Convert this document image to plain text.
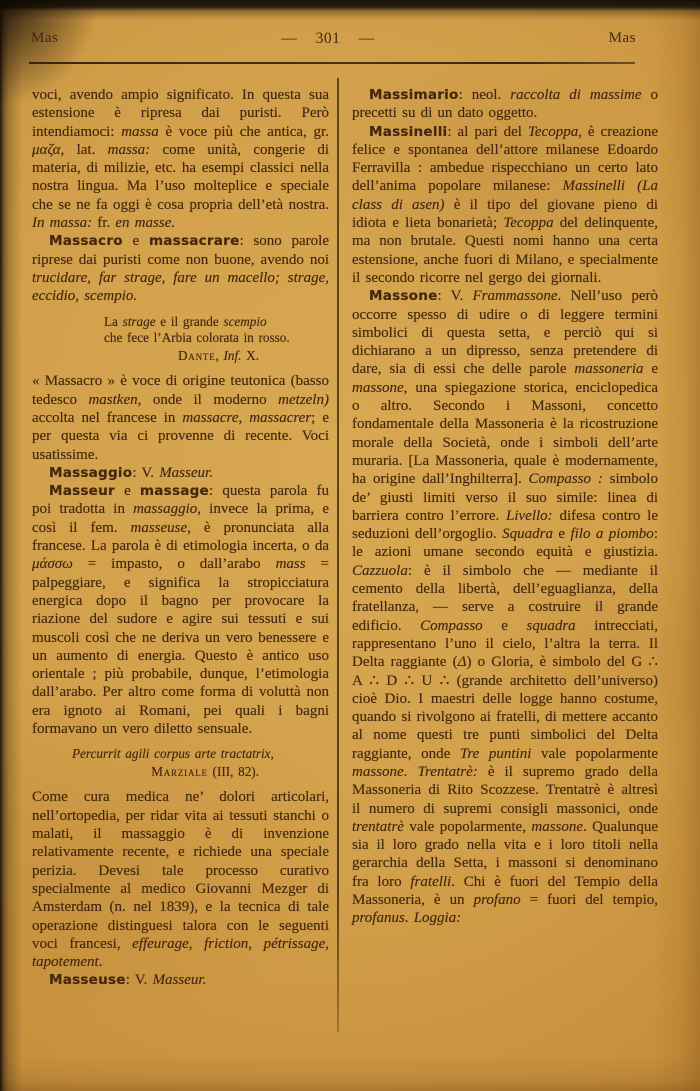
Mas	— 301 —	Mas

voci, avendo ampio significato. In questa sua estensione è ripresa dai puristi. Però intendiamoci: massa è voce più che antica, gr. μαζα, lat. massa: come unità, congerie di materia, di milizie, etc. ha esempi classici nella nostra lingua. Ma l’uso molteplice e speciale che se ne fa oggi è cosa propria dell’età nostra. In massa: fr. en masse.

Massacro e massacrare: sono parole riprese dai puristi come non buone, avendo noi trucidare, far strage, fare un macello; strage, eccidio, scempio.

La strage e il grande scempio

che fece l’Arbia colorata in rosso.

Dante, Inf. X.

« Massacro » è voce di origine teutonica (basso tedesco mastken, onde il moderno metzeln) accolta nel francese in massacre, massacrer; e per questa via ci provenne di recente. Voci usatissime.

Massaggio: V. Masseur.

Masseur e massage: questa parola fu poi tradotta in massaggio, invece la prima, e così il fem. masseuse, è pronunciata alla francese. La parola è di etimologia incerta, o da μάσσω = impasto, o dall’arabo mass = palpeggiare, e significa la stropicciatura energica dopo il bagno per provocare la riazione del sudore e agire sui tessuti e sui muscoli così che ne deriva un vero benessere e un aumento di energia. Questo è antico uso orientale ; più probabile, dunque, l’etimologia dall’arabo. Per altro come forma di voluttà non era ignoto ai Romani, pei quali i bagni formavano un vero diletto sensuale.

Percurrit agili corpus arte tractatrix,

Marziale (III, 82).

Come cura medica ne’ dolori articolari, nell’ortopedia, per ridar vita ai tessuti stanchi o malati, il massaggio è di invenzione relativamente recente, e richiede una speciale perizia. Devesi tale processo curativo specialmente al medico Giovanni Mezger di Amsterdam (n. nel 1839), e la tecnica di tale operazione distinguesi talora con le seguenti voci francesi, effeurage, friction, pétrissage, tapotement.

Masseuse: V. Masseur.

Massimario: neol. raccolta di massime o precetti su di un dato oggetto.

Massinelli: al pari del Tecoppa, è creazione felice e spontanea dell’attore milanese Edoardo Ferravilla : ambedue rispecchiano un certo lato dell’anima popolare milanese: Massinelli (La class di asen) è il tipo del giovane pieno di idiota e lieta bonarietà; Tecoppa del delinquente, ma non brutale. Questi nomi hanno una certa estensione, anche fuori di Milano, e specialmente il secondo ricorre nel gergo dei giornali.

Massone: V. Frammassone. Nell’uso però occorre spesso di udire o di leggere termini simbolici di questa setta, e perciò qui si dichiarano a un dipresso, senza pretendere di dare, sia di essi che delle parole massoneria e massone, una spiegazione storica, enciclopedica o altro. Secondo i Massoni, concetto fondamentale della Massoneria è la ricostruzione morale della Società, onde i simboli dell’arte muraria. [La Massoneria, quale è modernamente, ha origine dall’Inghilterra]. Compasso : simbolo de’ giusti limiti verso il suo simile: linea di barriera contro l’errore. Livello: difesa contro le seduzioni dell’orgoglio. Squadra e filo a piombo: le azioni umane secondo equità e giustizia. Cazzuola: è il simbolo che — mediante il cemento della libertà, dell’eguaglianza, della fratellanza, — serve a costruire il grande edificio. Compasso e squadra intrecciati, rappresentano l’uno il cielo, l’altra la terra. Il Delta raggiante (Δ) o Gloria, è simbolo del G ∴ A ∴ D ∴ U ∴ (grande architetto dell’universo) cioè Dio. I maestri delle logge hanno costume, quando si rivolgono ai fratelli, di mettere accanto al nome questi tre punti simbolici del Delta raggiante, onde Tre puntini vale popolarmente massone. Trentatrè: è il supremo grado della Massoneria di Rito Scozzese. Trentatrè è altresì il numero di supremi consigli massonici, onde trentatrè vale popolarmente, massone. Qualunque sia il loro grado nella vita e i loro titoli nella gerarchia della Setta, i massoni si denominano fra loro fratelli. Chi è fuori del Tempio della Massoneria, è un profano = fuori del tempio, profanus. Loggia:
